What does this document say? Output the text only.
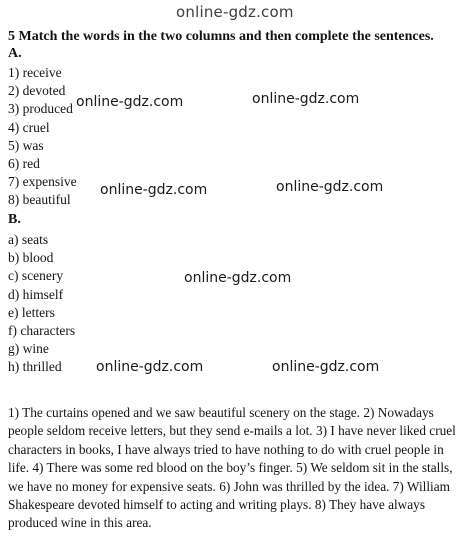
online-gdz.com
5 Match the words in the two columns and then complete the sentences.
A.
1) receive
2) devoted
3) produced
4) cruel
5) was
6) red
7) expensive
8) beautiful
B.
a) seats
b) blood
c) scenery
d) himself
e) letters
f) characters
g) wine
h) thrilled
online-gdz.com	online-gdz.com
online-gdz.com	online-gdz.com
online-gdz.com
online-gdz.com	online-gdz.com

1) The curtains opened and we saw beautiful scenery on the stage. 2) Nowadays people seldom receive letters, but they send e-mails a lot. 3) I have never liked cruel characters in books, I have always tried to have nothing to do with cruel people in life. 4) There was some red blood on the boy’s finger. 5) We seldom sit in the stalls, we have no money for expensive seats. 6) John was thrilled by the idea. 7) William Shakespeare devoted himself to acting and writing plays. 8) They have always produced wine in this area.
